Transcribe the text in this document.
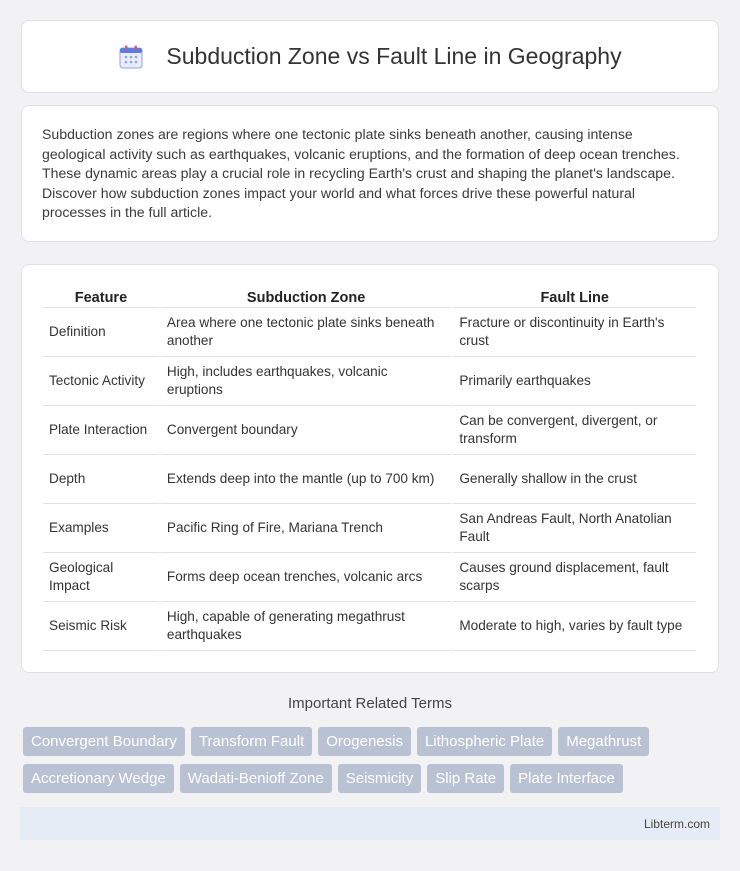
Subduction Zone vs Fault Line in Geography

Subduction zones are regions where one tectonic plate sinks beneath another, causing intense geological activity such as earthquakes, volcanic eruptions, and the formation of deep ocean trenches. These dynamic areas play a crucial role in recycling Earth's crust and shaping the planet's landscape. Discover how subduction zones impact your world and what forces drive these powerful natural processes in the full article.

Feature	Subduction Zone	Fault Line
Definition	Area where one tectonic plate sinks beneath another	Fracture or discontinuity in Earth's crust
Tectonic Activity	High, includes earthquakes, volcanic eruptions	Primarily earthquakes
Plate Interaction	Convergent boundary	Can be convergent, divergent, or transform
Depth	Extends deep into the mantle (up to 700 km)	Generally shallow in the crust
Examples	Pacific Ring of Fire, Mariana Trench	San Andreas Fault, North Anatolian Fault
Geological Impact	Forms deep ocean trenches, volcanic arcs	Causes ground displacement, fault scarps
Seismic Risk	High, capable of generating megathrust earthquakes	Moderate to high, varies by fault type
Important Related Terms
Convergent Boundary	Transform Fault	Orogenesis	Lithospheric Plate	Megathrust
Accretionary Wedge	Wadati-Benioff Zone	Seismicity	Slip Rate	Plate Interface
Libterm.com
